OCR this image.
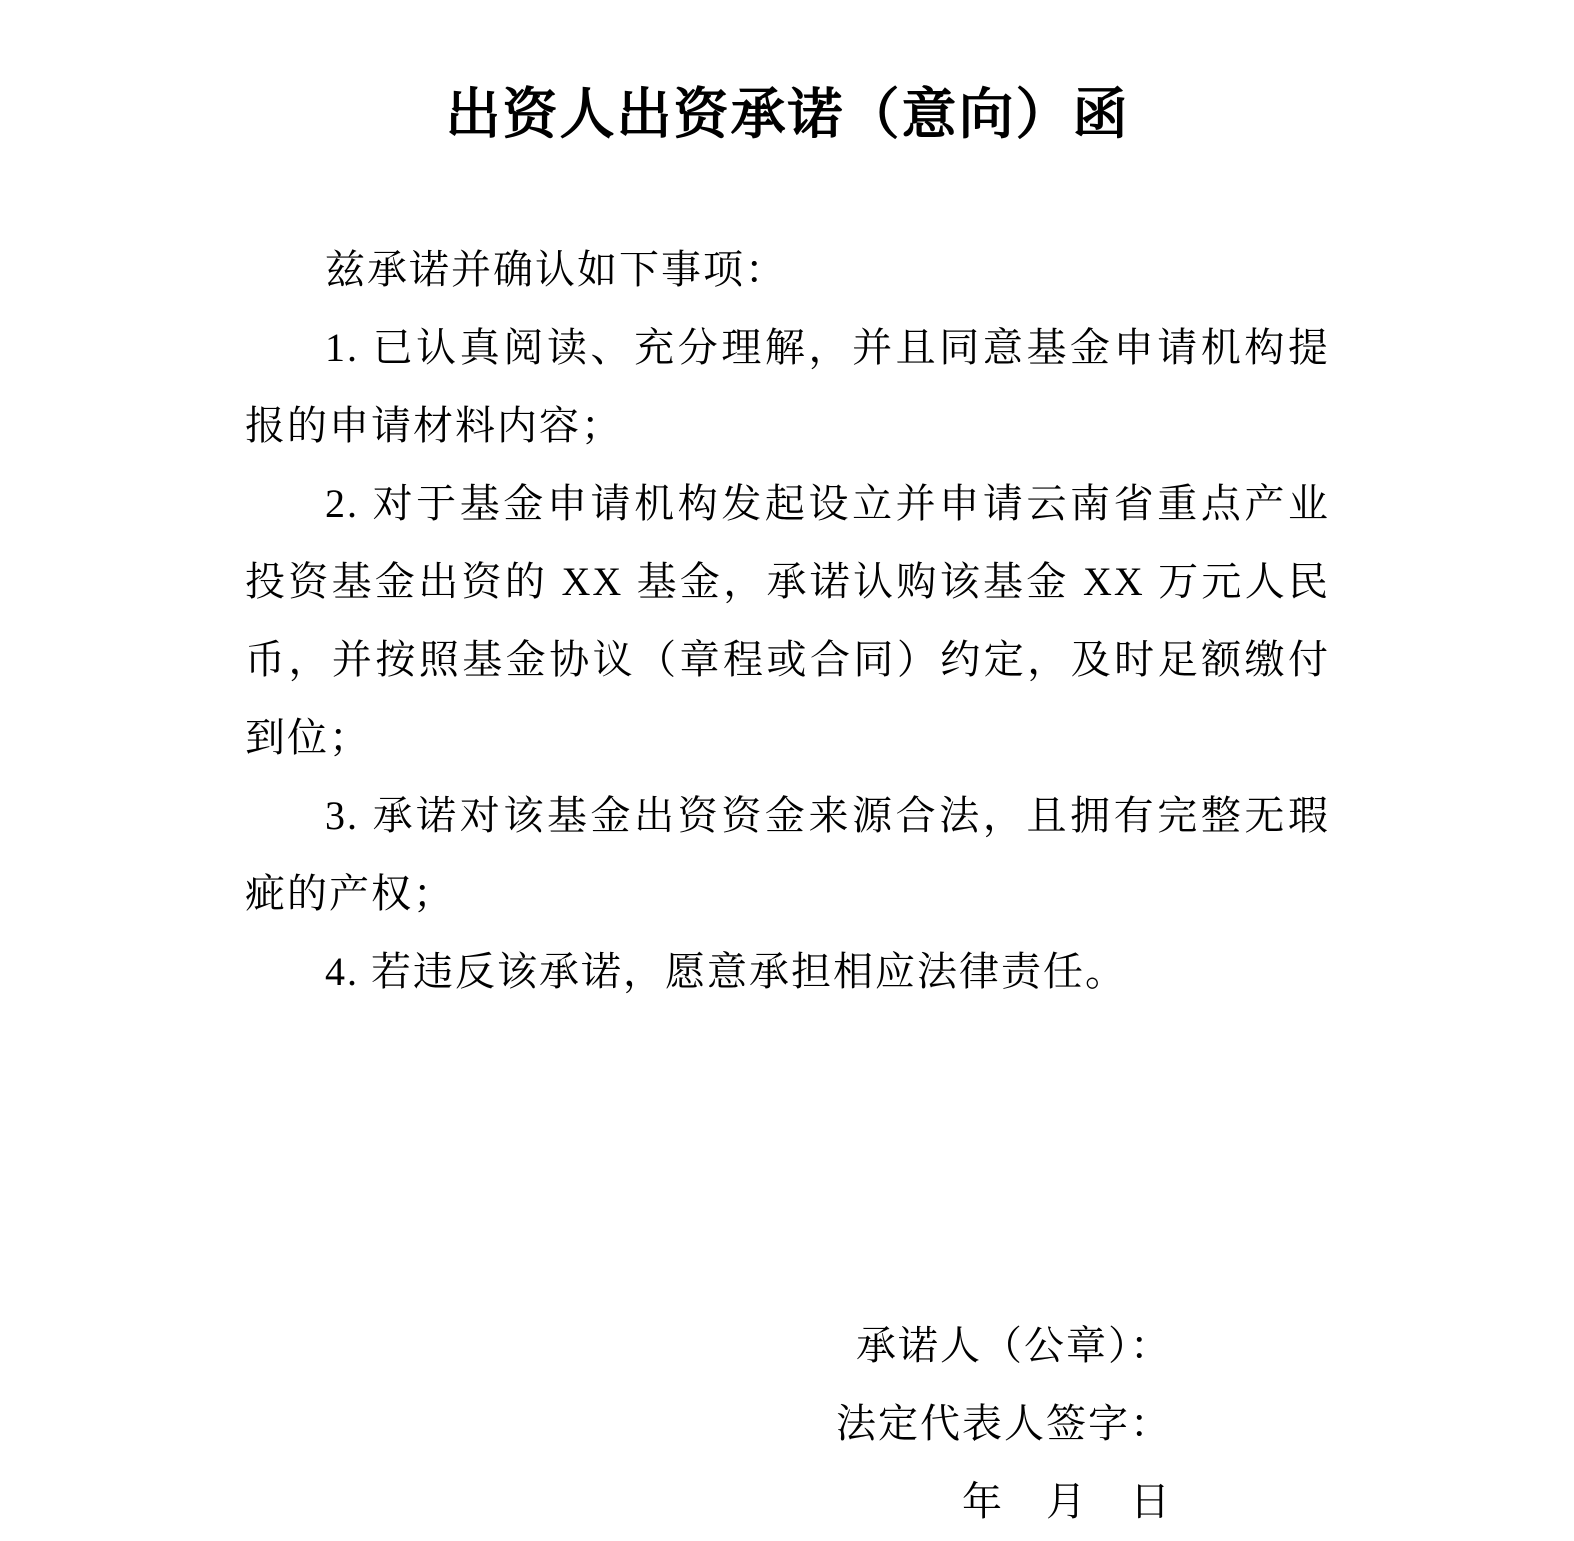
出资人出资承诺（意向）函

兹承诺并确认如下事项：

1. 已认真阅读、充分理解，并且同意基金申请机构提报的申请材料内容；

2. 对于基金申请机构发起设立并申请云南省重点产业投资基金出资的 XX 基金，承诺认购该基金 XX 万元人民币，并按照基金协议（章程或合同）约定，及时足额缴付到位；

3. 承诺对该基金出资资金来源合法，且拥有完整无瑕疵的产权；

4. 若违反该承诺，愿意承担相应法律责任。

承诺人（公章）：

法定代表人签字：

年　月　日
